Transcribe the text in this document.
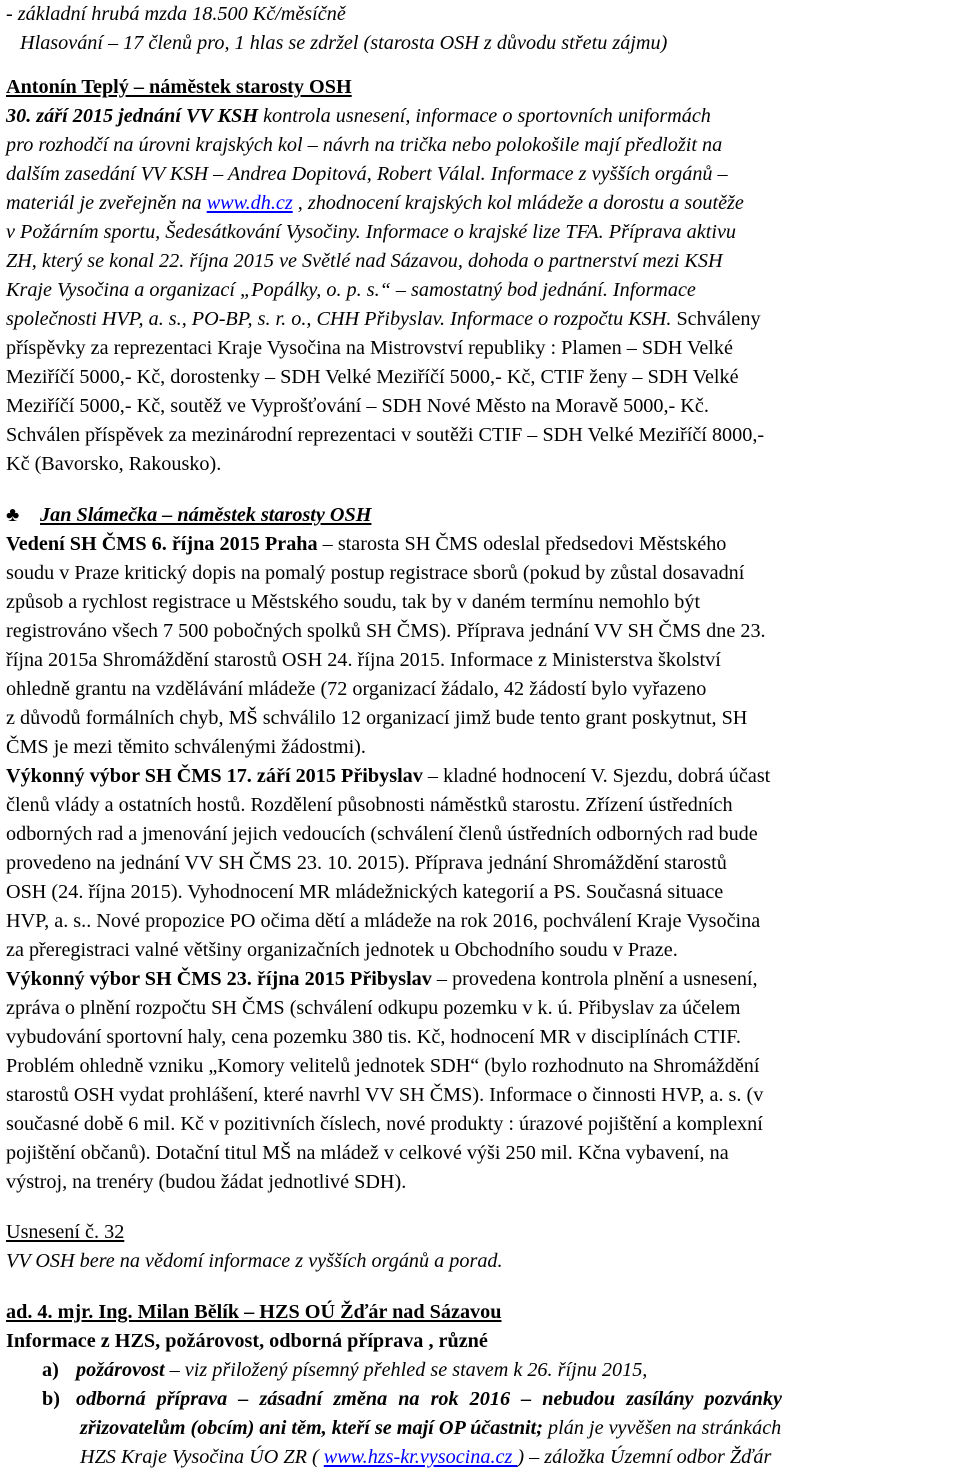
- základní hrubá mzda 18.500 Kč/měsíčně
Hlasování – 17 členů pro, 1 hlas se zdržel (starosta OSH z důvodu střetu zájmu)
Antonín Teplý – náměstek starosty OSH
30. září 2015 jednání VV KSH kontrola usnesení, informace o sportovních uniformách
pro rozhodčí na úrovni krajských kol – návrh na trička nebo polokošile mají předložit na
dalším zasedání VV KSH – Andrea Dopitová, Robert Válal. Informace z vyšších orgánů –
materiál je zveřejněn na www.dh.cz , zhodnocení krajských kol mládeže a dorostu a soutěže
v Požárním sportu, Šedesátkování Vysočiny. Informace o krajské lize TFA. Příprava aktivu
ZH, který se konal 22. října 2015 ve Světlé nad Sázavou, dohoda o partnerství mezi KSH
Kraje Vysočina a organizací „Popálky, o. p. s.“ – samostatný bod jednání. Informace
společnosti HVP, a. s., PO-BP, s. r. o., CHH Přibyslav. Informace o rozpočtu KSH. Schváleny
příspěvky za reprezentaci Kraje Vysočina na Mistrovství republiky : Plamen – SDH Velké
Meziříčí 5000,- Kč, dorostenky – SDH Velké Meziříčí 5000,- Kč, CTIF ženy – SDH Velké
Meziříčí 5000,- Kč, soutěž ve Vyprošťování – SDH Nové Město na Moravě 5000,- Kč.
Schválen příspěvek za mezinárodní reprezentaci v soutěži CTIF – SDH Velké Meziříčí 8000,-
Kč (Bavorsko, Rakousko).
♣ Jan Slámečka – náměstek starosty OSH
Vedení SH ČMS 6. října 2015 Praha – starosta SH ČMS odeslal předsedovi Městského
soudu v Praze kritický dopis na pomalý postup registrace sborů (pokud by zůstal dosavadní
způsob a rychlost registrace u Městského soudu, tak by v daném termínu nemohlo být
registrováno všech 7 500 pobočných spolků SH ČMS). Příprava jednání VV SH ČMS dne 23.
října 2015a Shromáždění starostů OSH 24. října 2015. Informace z Ministerstva školství
ohledně grantu na vzdělávání mládeže (72 organizací žádalo, 42 žádostí bylo vyřazeno
z důvodů formálních chyb, MŠ schválilo 12 organizací jimž bude tento grant poskytnut, SH
ČMS je mezi těmito schválenými žádostmi).
Výkonný výbor SH ČMS 17. září 2015 Přibyslav – kladné hodnocení V. Sjezdu, dobrá účast
členů vlády a ostatních hostů. Rozdělení působnosti náměstků starostu. Zřízení ústředních
odborných rad a jmenování jejich vedoucích (schválení členů ústředních odborných rad bude
provedeno na jednání VV SH ČMS 23. 10. 2015). Příprava jednání Shromáždění starostů
OSH (24. října 2015). Vyhodnocení MR mládežnických kategorií a PS. Současná situace
HVP, a. s.. Nové propozice PO očima dětí a mládeže na rok 2016, pochválení Kraje Vysočina
za přeregistraci valné většiny organizačních jednotek u Obchodního soudu v Praze.
Výkonný výbor SH ČMS 23. října 2015 Přibyslav – provedena kontrola plnění a usnesení,
zpráva o plnění rozpočtu SH ČMS (schválení odkupu pozemku v k. ú. Přibyslav za účelem
vybudování sportovní haly, cena pozemku 380 tis. Kč, hodnocení MR v disciplínách CTIF.
Problém ohledně vzniku „Komory velitelů jednotek SDH“ (bylo rozhodnuto na Shromáždění
starostů OSH vydat prohlášení, které navrhl VV SH ČMS). Informace o činnosti HVP, a. s. (v
současné době 6 mil. Kč v pozitivních číslech, nové produkty : úrazové pojištění a komplexní
pojištění občanů). Dotační titul MŠ na mládež v celkové výši 250 mil. Kčna vybavení, na
výstroj, na trenéry (budou žádat jednotlivé SDH).
Usnesení č. 32
VV OSH bere na vědomí informace z vyšších orgánů a porad.
ad. 4. mjr. Ing. Milan Bělík – HZS OÚ Žďár nad Sázavou
Informace z HZS, požárovost, odborná příprava , různé
a) požárovost – viz přiložený písemný přehled se stavem k 26. říjnu 2015,
b) odborná příprava – zásadní změna na rok 2016 – nebudou zasílány pozvánky
zřizovatelům (obcím) ani těm, kteří se mají OP účastnit; plán je vyvěšen na stránkách
HZS Kraje Vysočina ÚO ZR ( www.hzs-kr.vysocina.cz ) – záložka Územní odbor Žďár
